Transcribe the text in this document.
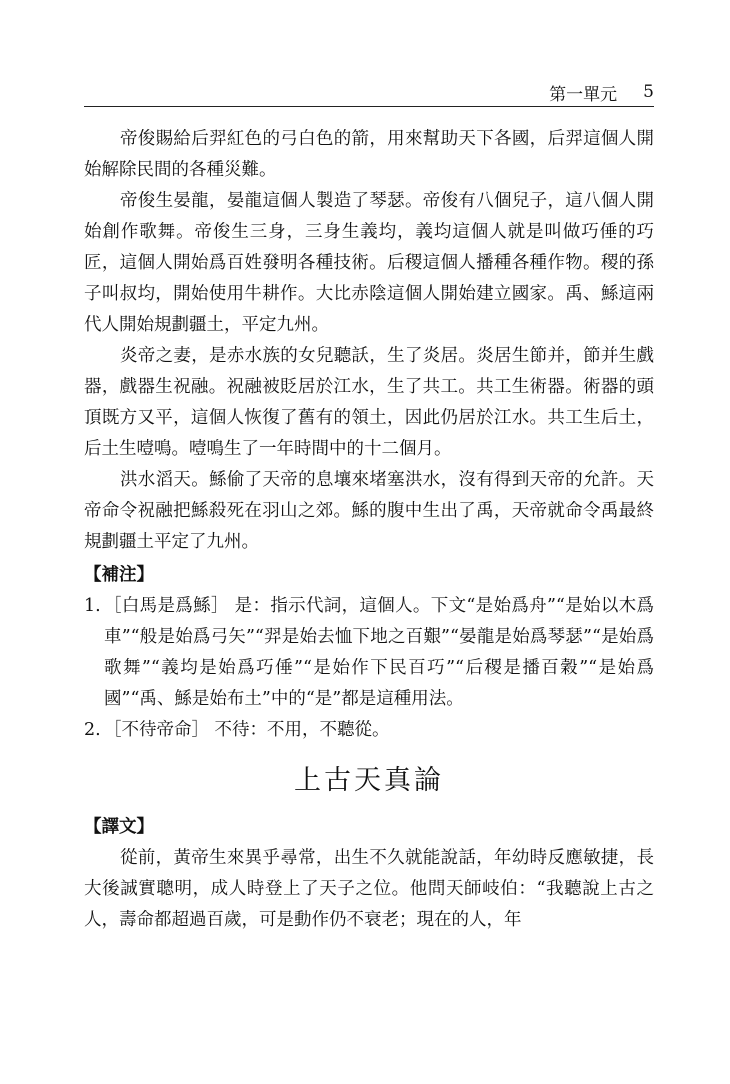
第一單元 5

帝俊賜給后羿紅色的弓白色的箭，用來幫助天下各國，后羿這個人開始解除民間的各種災難。

帝俊生晏龍，晏龍這個人製造了琴瑟。帝俊有八個兒子，這八個人開始創作歌舞。帝俊生三身，三身生義均，義均這個人就是叫做巧倕的巧匠，這個人開始爲百姓發明各種技術。后稷這個人播種各種作物。稷的孫子叫叔均，開始使用牛耕作。大比赤陰這個人開始建立國家。禹、鯀這兩代人開始規劃疆土，平定九州。

炎帝之妻，是赤水族的女兒聽訞，生了炎居。炎居生節并，節并生戲器，戲器生祝融。祝融被貶居於江水，生了共工。共工生術器。術器的頭頂既方又平，這個人恢復了舊有的領土，因此仍居於江水。共工生后土，后土生噎鳴。噎鳴生了一年時間中的十二個月。

洪水滔天。鯀偷了天帝的息壤來堵塞洪水，沒有得到天帝的允許。天帝命令祝融把鯀殺死在羽山之郊。鯀的腹中生出了禹，天帝就命令禹最終規劃疆土平定了九州。

【補注】
1. ［白馬是爲鯀］ 是：指示代詞，這個人。下文“是始爲舟”“是始以木爲車”“般是始爲弓矢”“羿是始去恤下地之百艱”“晏龍是始爲琴瑟”“是始爲歌舞”“義均是始爲巧倕”“是始作下民百巧”“后稷是播百穀”“是始爲國”“禹、鯀是始布土”中的“是”都是這種用法。
2. ［不待帝命］ 不待：不用，不聽從。
上古天真論
【譯文】

從前，黃帝生來異乎尋常，出生不久就能說話，年幼時反應敏捷，長大後誠實聰明，成人時登上了天子之位。他問天師岐伯：“我聽說上古之人，壽命都超過百歲，可是動作仍不衰老；現在的人，年
